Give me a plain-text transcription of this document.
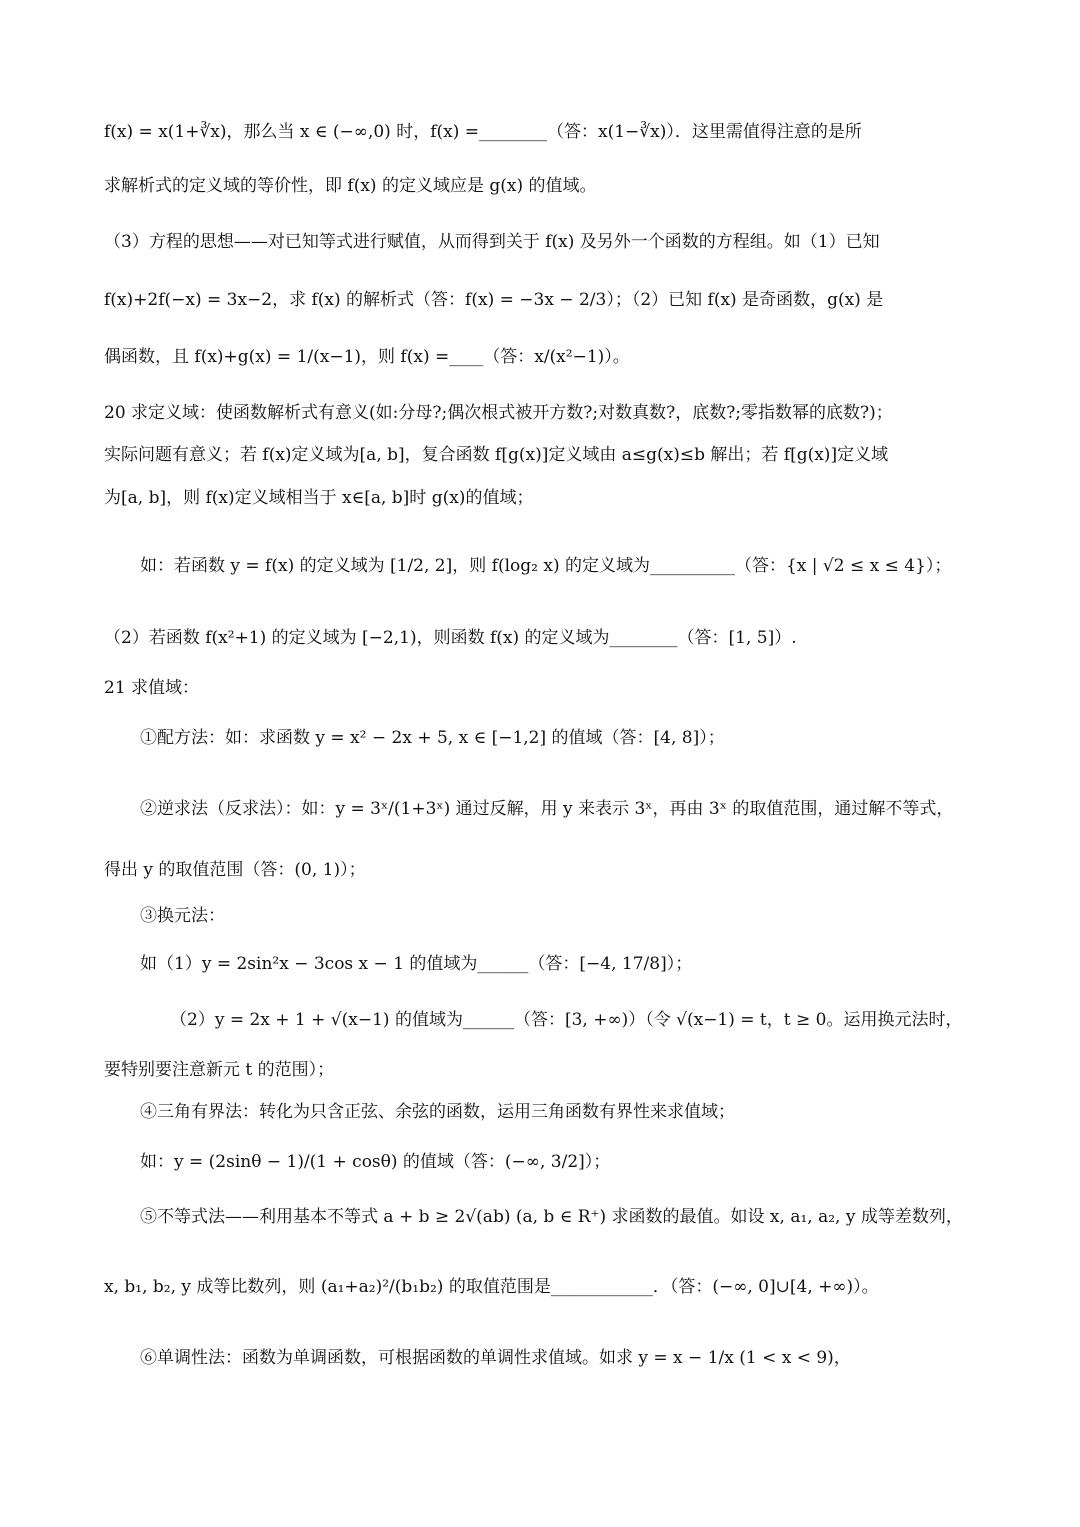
f(x) = x(1+∛x)，那么当 x ∈ (−∞,0) 时，f(x) =________（答：x(1−∛x)）．这里需值得注意的是所
求解析式的定义域的等价性，即 f(x) 的定义域应是 g(x) 的值域。
（3）方程的思想——对已知等式进行赋值，从而得到关于 f(x) 及另外一个函数的方程组。如（1）已知
f(x)+2f(−x) = 3x−2，求 f(x) 的解析式（答：f(x) = −3x − 2/3）；（2）已知 f(x) 是奇函数，g(x) 是
偶函数，且 f(x)+g(x) = 1/(x−1)，则 f(x) =____（答：x/(x²−1)）。
20 求定义域：使函数解析式有意义(如:分母?;偶次根式被开方数?;对数真数?，底数?;零指数幂的底数?)；
实际问题有意义；若 f(x)定义域为[a, b]，复合函数 f[g(x)]定义域由 a≤g(x)≤b 解出；若 f[g(x)]定义域
为[a, b]，则 f(x)定义域相当于 x∈[a, b]时 g(x)的值域；
如：若函数 y = f(x) 的定义域为 [1/2, 2]，则 f(log₂ x) 的定义域为__________（答：{x | √2 ≤ x ≤ 4}）；
（2）若函数 f(x²+1) 的定义域为 [−2,1)，则函数 f(x) 的定义域为________（答：[1, 5]）.
21 求值域：
①配方法：如：求函数 y = x² − 2x + 5, x ∈ [−1,2] 的值域（答：[4, 8]）；
②逆求法（反求法）：如：y = 3ˣ/(1+3ˣ) 通过反解，用 y 来表示 3ˣ，再由 3ˣ 的取值范围，通过解不等式，
得出 y 的取值范围（答：(0, 1)）；
③换元法：
如（1）y = 2sin²x − 3cos x − 1 的值域为______（答：[−4, 17/8]）；
（2）y = 2x + 1 + √(x−1) 的值域为______（答：[3, +∞)）（令 √(x−1) = t，t ≥ 0。运用换元法时，
要特别要注意新元 t 的范围）；
④三角有界法：转化为只含正弦、余弦的函数，运用三角函数有界性来求值域；
如：y = (2sinθ − 1)/(1 + cosθ) 的值域（答：(−∞, 3/2]）；
⑤不等式法——利用基本不等式 a + b ≥ 2√(ab) (a, b ∈ R⁺) 求函数的最值。如设 x, a₁, a₂, y 成等差数列，
x, b₁, b₂, y 成等比数列，则 (a₁+a₂)²/(b₁b₂) 的取值范围是____________．（答：(−∞, 0]∪[4, +∞)）。
⑥单调性法：函数为单调函数，可根据函数的单调性求值域。如求 y = x − 1/x (1 < x < 9)，
